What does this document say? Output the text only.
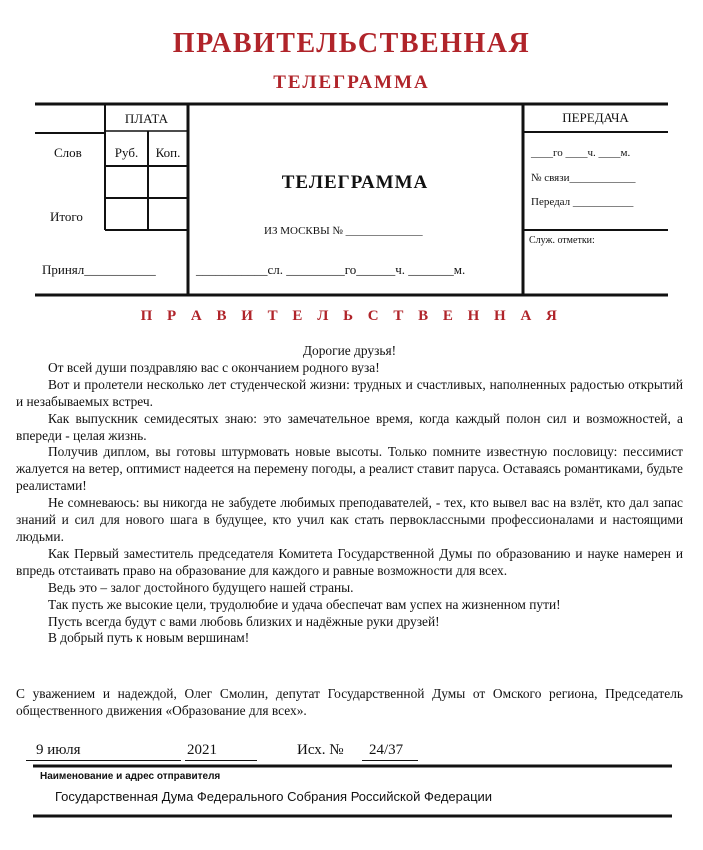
ПРАВИТЕЛЬСТВЕННАЯ
ТЕЛЕГРАММА
ПЛАТА
Слов	Руб.	Коп.
Итого
Принял___________
ТЕЛЕГРАММА
ИЗ МОСКВЫ № ______________
___________сл. _________го______ч. _______м.
ПЕРЕДАЧА
____го ____ч. ____м.
№ связи____________
Передал ___________
Служ. отметки:
П Р А В И Т Е Л Ь С Т В Е Н Н А Я

Дорогие друзья!

От всей души поздравляю вас с окончанием родного вуза!

Вот и пролетели несколько лет студенческой жизни: трудных и счастливых, наполненных радостью открытий и незабываемых встреч.

Как выпускник семидесятых знаю: это замечательное время, когда каждый полон сил и возможностей, а впереди - целая жизнь.

Получив диплом, вы готовы штурмовать новые высоты. Только помните известную пословицу: пессимист жалуется на ветер, оптимист надеется на перемену погоды, а реалист ставит паруса. Оставаясь романтиками, будьте реалистами!

Не сомневаюсь: вы никогда не забудете любимых преподавателей, - тех, кто вывел вас на взлёт, кто дал запас знаний и сил для нового шага в будущее, кто учил как стать первоклассными профессионалами и настоящими людьми.

Как Первый заместитель председателя Комитета Государственной Думы по образованию и науке намерен и впредь отстаивать право на образование для каждого и равные возможности для всех.

Ведь это – залог достойного будущего нашей страны.

Так пусть же высокие цели, трудолюбие и удача обеспечат вам успех на жизненном пути!

Пусть всегда будут с вами любовь близких и надёжные руки друзей!

В добрый путь к новым вершинам!

С уважением и надеждой, Олег Смолин, депутат Государственной Думы от Омского региона, Председатель общественного движения «Образование для всех».

9 июля	2021	Исх. № 24/37
Наименование и адрес отправителя
Государственная Дума Федерального Собрания Российской Федерации
